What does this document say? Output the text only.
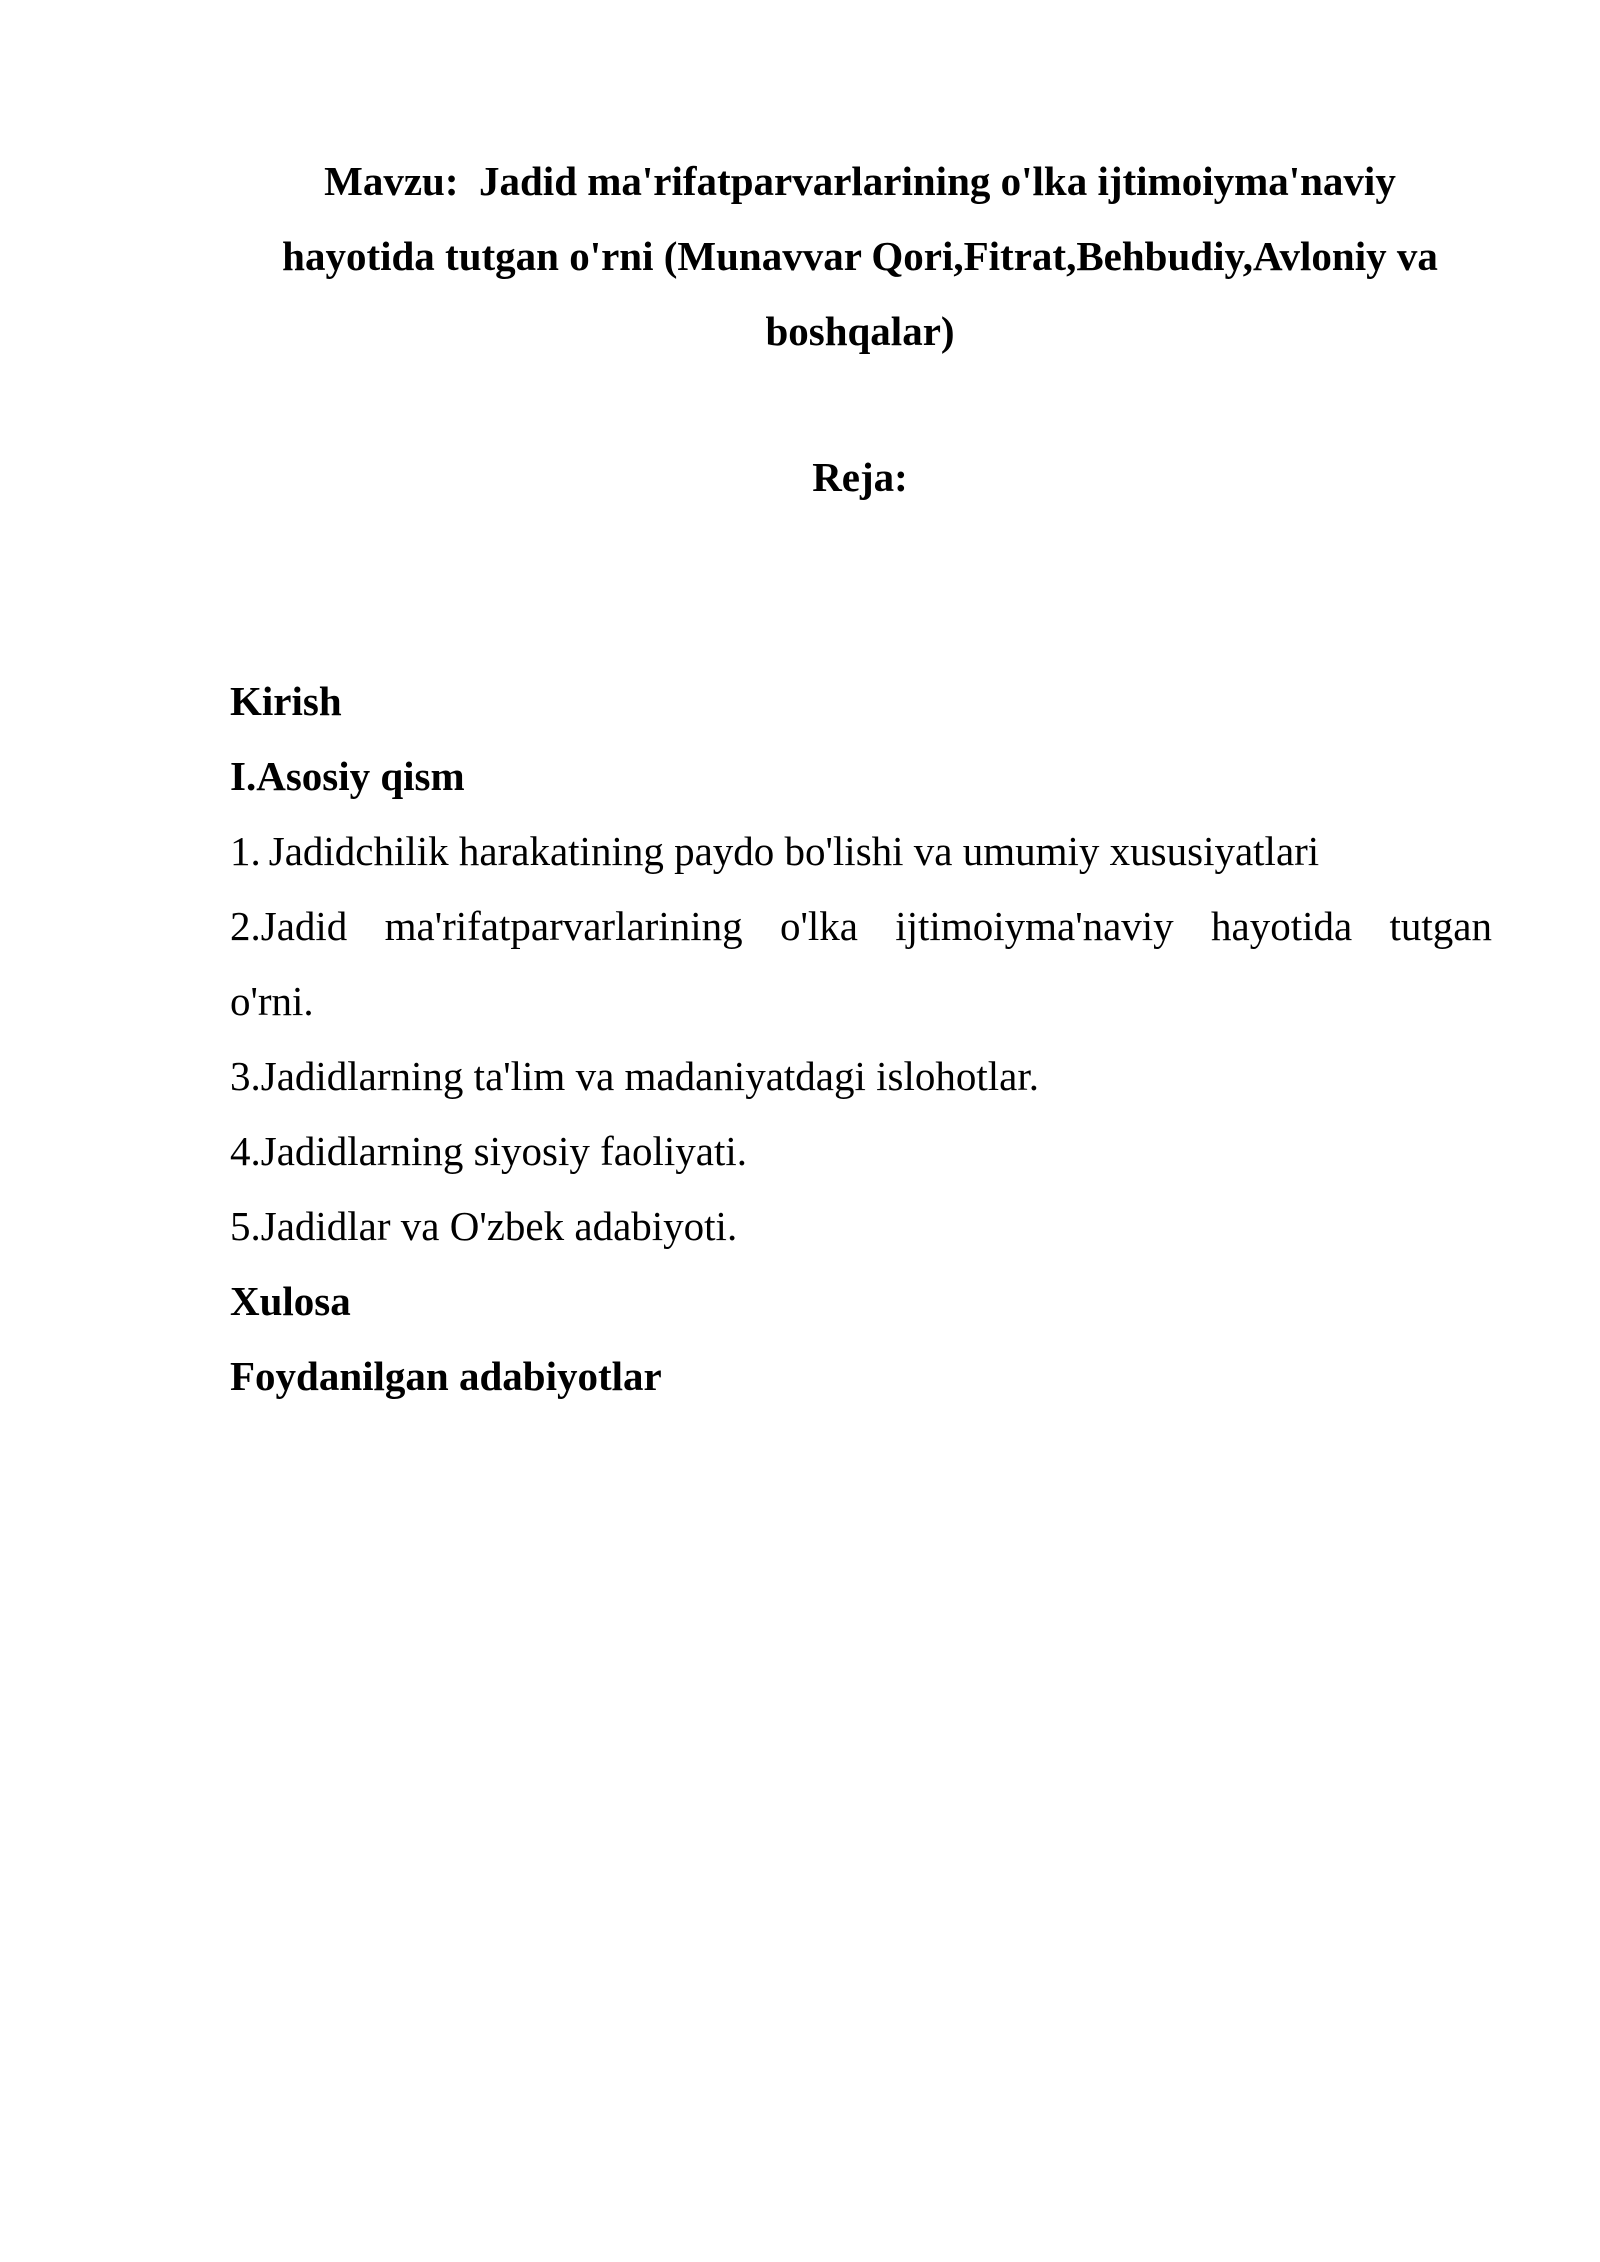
Mavzu:  Jadid ma'rifatparvarlarining o'lka ijtimoiyma'naviy
hayotida tutgan o'rni (Munavvar Qori,Fitrat,Behbudiy,Avloniy va
boshqalar)
Reja:
Kirish
I.Asosiy qism
1. Jadidchilik harakatining paydo bo'lishi va umumiy xususiyatlari
2.Jadid ma'rifatparvarlarining o'lka ijtimoiyma'naviy hayotida tutgan
o'rni.
3.Jadidlarning ta'lim va madaniyatdagi islohotlar.
4.Jadidlarning siyosiy faoliyati.
5.Jadidlar va O'zbek adabiyoti.
Xulosa
Foydanilgan adabiyotlar
